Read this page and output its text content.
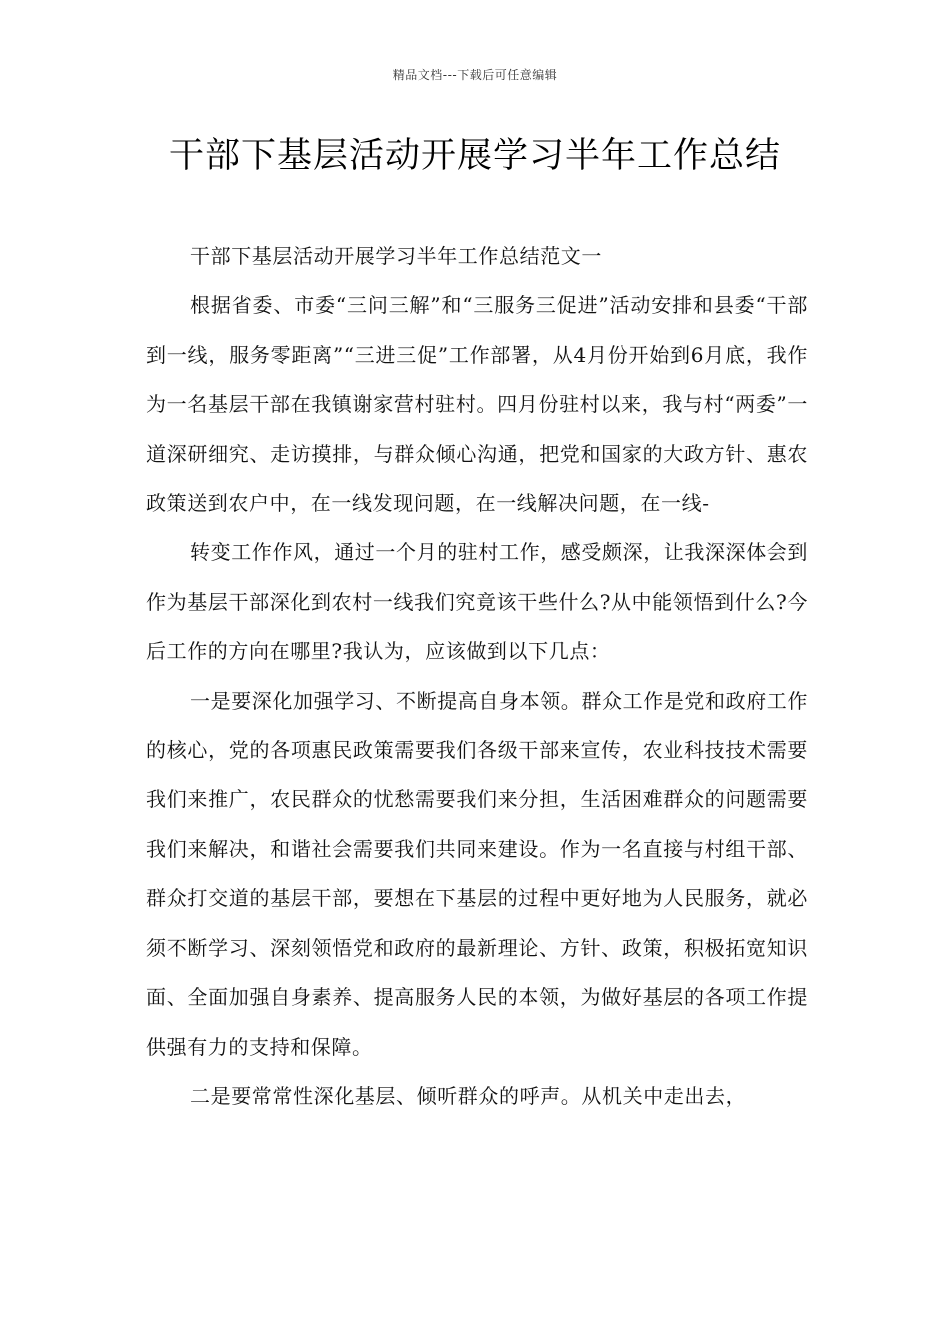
精品文档---下载后可任意编辑
干部下基层活动开展学习半年工作总结

干部下基层活动开展学习半年工作总结范文一

根据省委、市委“三问三解”和“三服务三促进”活动安排和县委“干部到一线，服务零距离”“三进三促”工作部署，从4月份开始到6月底，我作为一名基层干部在我镇谢家营村驻村。四月份驻村以来，我与村“两委”一道深研细究、走访摸排，与群众倾心沟通，把党和国家的大政方针、惠农政策送到农户中，在一线发现问题，在一线解决问题，在一线-

转变工作作风，通过一个月的驻村工作，感受颇深，让我深深体会到作为基层干部深化到农村一线我们究竟该干些什么?从中能领悟到什么?今后工作的方向在哪里?我认为，应该做到以下几点：

一是要深化加强学习、不断提高自身本领。群众工作是党和政府工作的核心，党的各项惠民政策需要我们各级干部来宣传，农业科技技术需要我们来推广，农民群众的忧愁需要我们来分担，生活困难群众的问题需要我们来解决，和谐社会需要我们共同来建设。作为一名直接与村组干部、群众打交道的基层干部，要想在下基层的过程中更好地为人民服务，就必须不断学习、深刻领悟党和政府的最新理论、方针、政策，积极拓宽知识面、全面加强自身素养、提高服务人民的本领，为做好基层的各项工作提供强有力的支持和保障。

二是要常常性深化基层、倾听群众的呼声。从机关中走出去，
